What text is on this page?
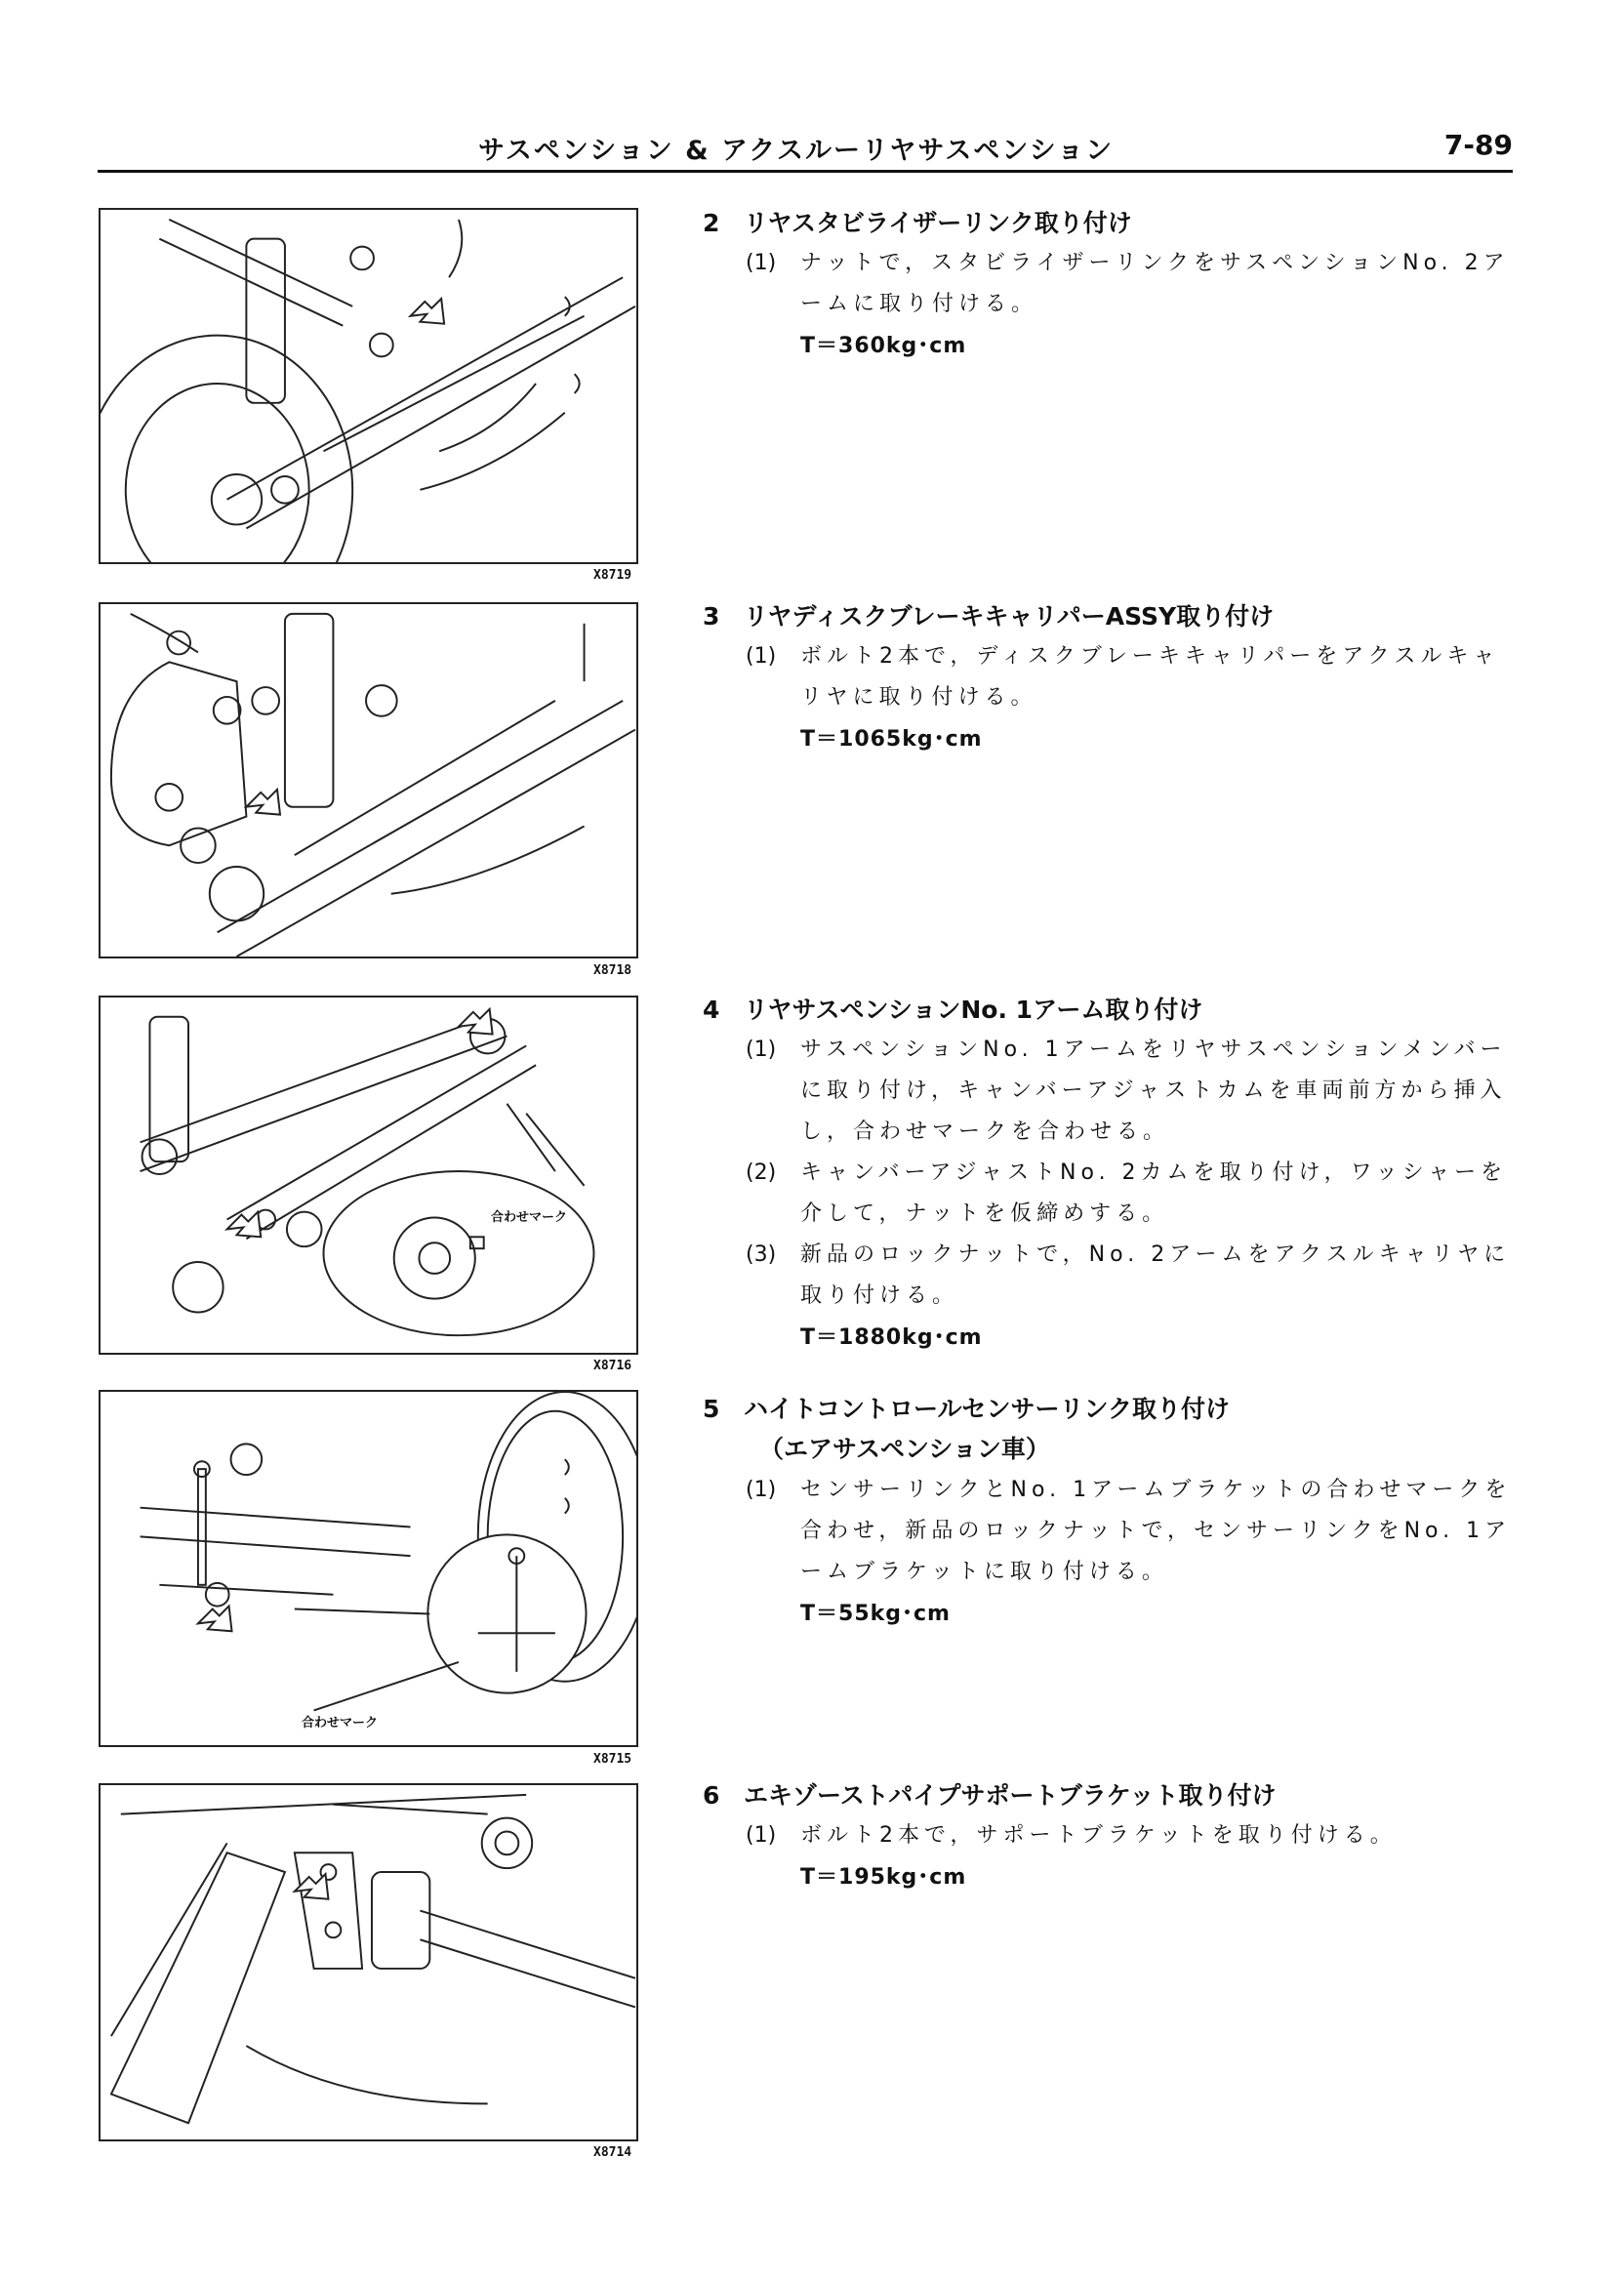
サスペンション & アクスルーリヤサスペンション	7-89
X8719
X8718
合わせマーク
X8716
合わせマーク
X8715
X8714
2 リヤスタビライザーリンク取り付け
(1) ナットで，スタビライザーリンクをサスペンションNo. 2アームに取り付ける。
T＝360kg･cm
3 リヤディスクブレーキキャリパーASSY取り付け
(1) ボルト2本で，ディスクブレーキキャリパーをアクスルキャリヤに取り付ける。
T＝1065kg･cm
4 リヤサスペンションNo. 1アーム取り付け
(1) サスペンションNo. 1アームをリヤサスペンションメンバーに取り付け，キャンバーアジャストカムを車両前方から挿入し，合わせマークを合わせる。
(2) キャンバーアジャストNo. 2カムを取り付け，ワッシャーを介して，ナットを仮締めする。
(3) 新品のロックナットで，No. 2アームをアクスルキャリヤに取り付ける。
T＝1880kg･cm
5 ハイトコントロールセンサーリンク取り付け
（エアサスペンション車）
(1) センサーリンクとNo. 1アームブラケットの合わせマークを合わせ，新品のロックナットで，センサーリンクをNo. 1アームブラケットに取り付ける。
T＝55kg･cm
6 エキゾーストパイプサポートブラケット取り付け
(1) ボルト2本で，サポートブラケットを取り付ける。
T＝195kg･cm
